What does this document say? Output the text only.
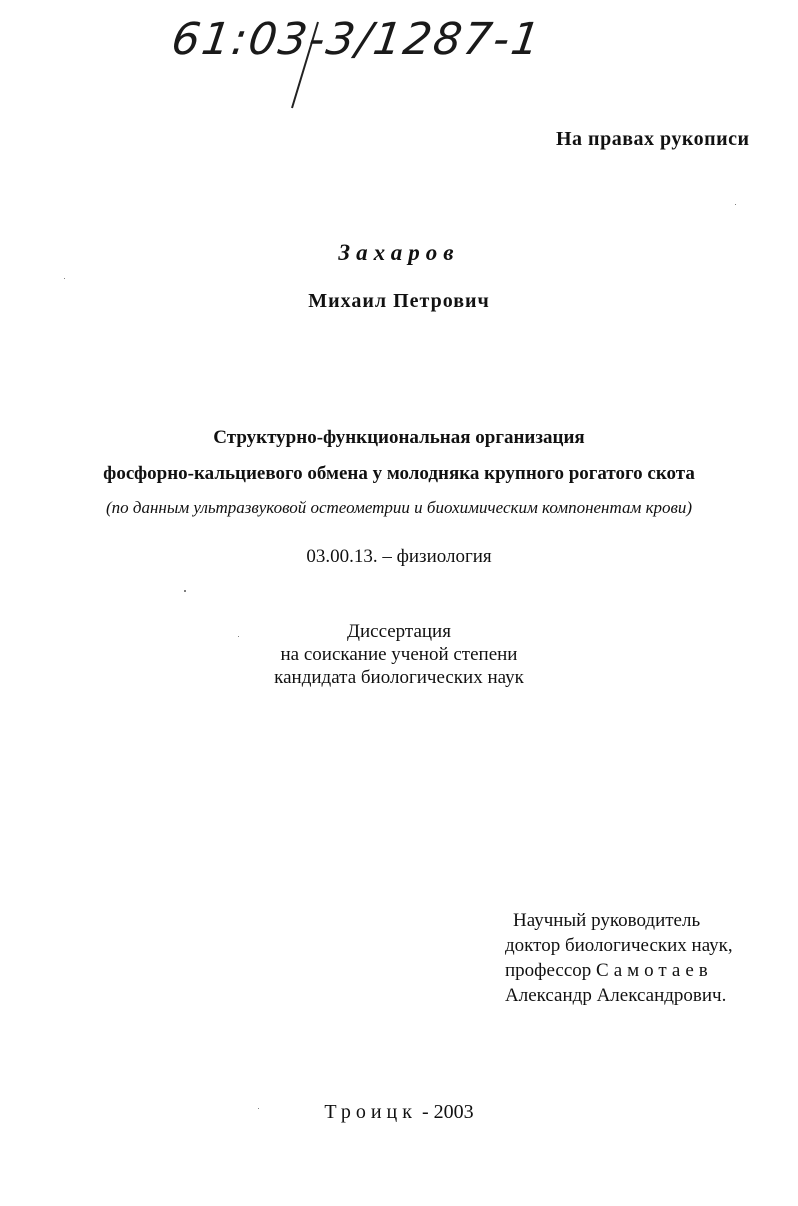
61:03-3/1287-1
На правах рукописи
Захаров
Михаил Петрович
Структурно-функциональная организация
фосфорно-кальциевого обмена у молодняка крупного рогатого скота
(по данным ультразвуковой остеометрии и биохимическим компонентам крови)
03.00.13. – физиология
Диссертация
на соискание ученой степени
кандидата биологических наук
Научный руководитель
доктор биологических наук,
профессор Самотаев
Александр Александрович.
Троицк - 2003
